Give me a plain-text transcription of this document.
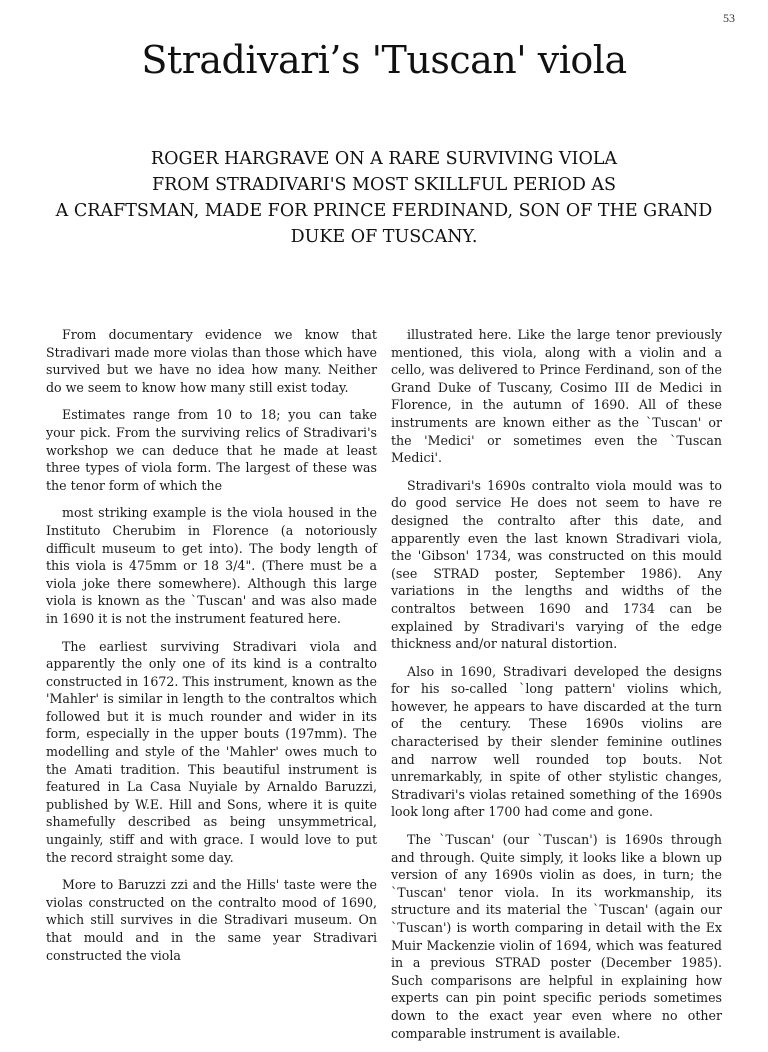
53
Stradivari’s 'Tuscan' viola
ROGER HARGRAVE ON A RARE SURVIVING VIOLA
FROM STRADIVARI'S MOST SKILLFUL PERIOD AS
A CRAFTSMAN, MADE FOR PRINCE FERDINAND, SON OF THE GRAND
DUKE OF TUSCANY.

From documentary evidence we know that Stradivari made more violas than those which have survived but we have no idea how many. Neither do we seem to know how many still exist today.

Estimates range from 10 to 18; you can take your pick. From the surviving relics of Stradivari's workshop we can deduce that he made at least three types of viola form. The largest of these was the tenor form of which the

most striking example is the viola housed in the Instituto Cherubim in Florence (a notoriously difficult museum to get into). The body length of this viola is 475mm or 18 3/4". (There must be a viola joke there somewhere). Although this large viola is known as the `Tuscan' and was also made in 1690 it is not the instrument featured here.

The earliest surviving Stradivari viola and apparently the only one of its kind is a contralto constructed in 1672. This instrument, known as the 'Mahler' is similar in length to the contraltos which followed but it is much rounder and wider in its form, especially in the upper bouts (197mm). The modelling and style of the 'Mahler' owes much to the Amati tradition. This beautiful instrument is featured in La Casa Nuyiale by Arnaldo Baruzzi, published by W.E. Hill and Sons, where it is quite shamefully described as being unsymmetrical, ungainly, stiff and with grace. I would love to put the record straight some day.

More to Baruzzi zzi and the Hills' taste were the violas constructed on the contralto mood of 1690, which still survives in die Stradivari museum. On that mould and in the same year Stradivari constructed the viola

illustrated here. Like the large tenor previously mentioned, this viola, along with a violin and a cello, was delivered to Prince Ferdinand, son of the Grand Duke of Tuscany, Cosimo III de Medici in Florence, in the autumn of 1690. All of these instruments are known either as the `Tuscan' or the 'Medici' or sometimes even the `Tuscan Medici'.

Stradivari's 1690s contralto viola mould was to do good service He does not seem to have re designed the contralto after this date, and apparently even the last known Stradivari viola, the 'Gibson' 1734, was constructed on this mould (see STRAD poster, September 1986). Any variations in the lengths and widths of the contraltos between 1690 and 1734 can be explained by Stradivari's varying of the edge thickness and/or natural distortion.

Also in 1690, Stradivari developed the designs for his so-called `long pattern' violins which, however, he appears to have discarded at the turn of the century. These 1690s violins are characterised by their slender feminine outlines and narrow well rounded top bouts. Not unremarkably, in spite of other stylistic changes, Stradivari's violas retained something of the 1690s look long after 1700 had come and gone.

The `Tuscan' (our `Tuscan') is 1690s through and through. Quite simply, it looks like a blown up version of any 1690s violin as does, in turn; the `Tuscan' tenor viola. In its workmanship, its structure and its material the `Tuscan' (again our `Tuscan') is worth comparing in detail with the Ex Muir Mackenzie violin of 1694, which was featured in a previous STRAD poster (December 1985). Such comparisons are helpful in explaining how experts can pin point specific periods sometimes down to the exact year even where no other comparable instrument is available.
